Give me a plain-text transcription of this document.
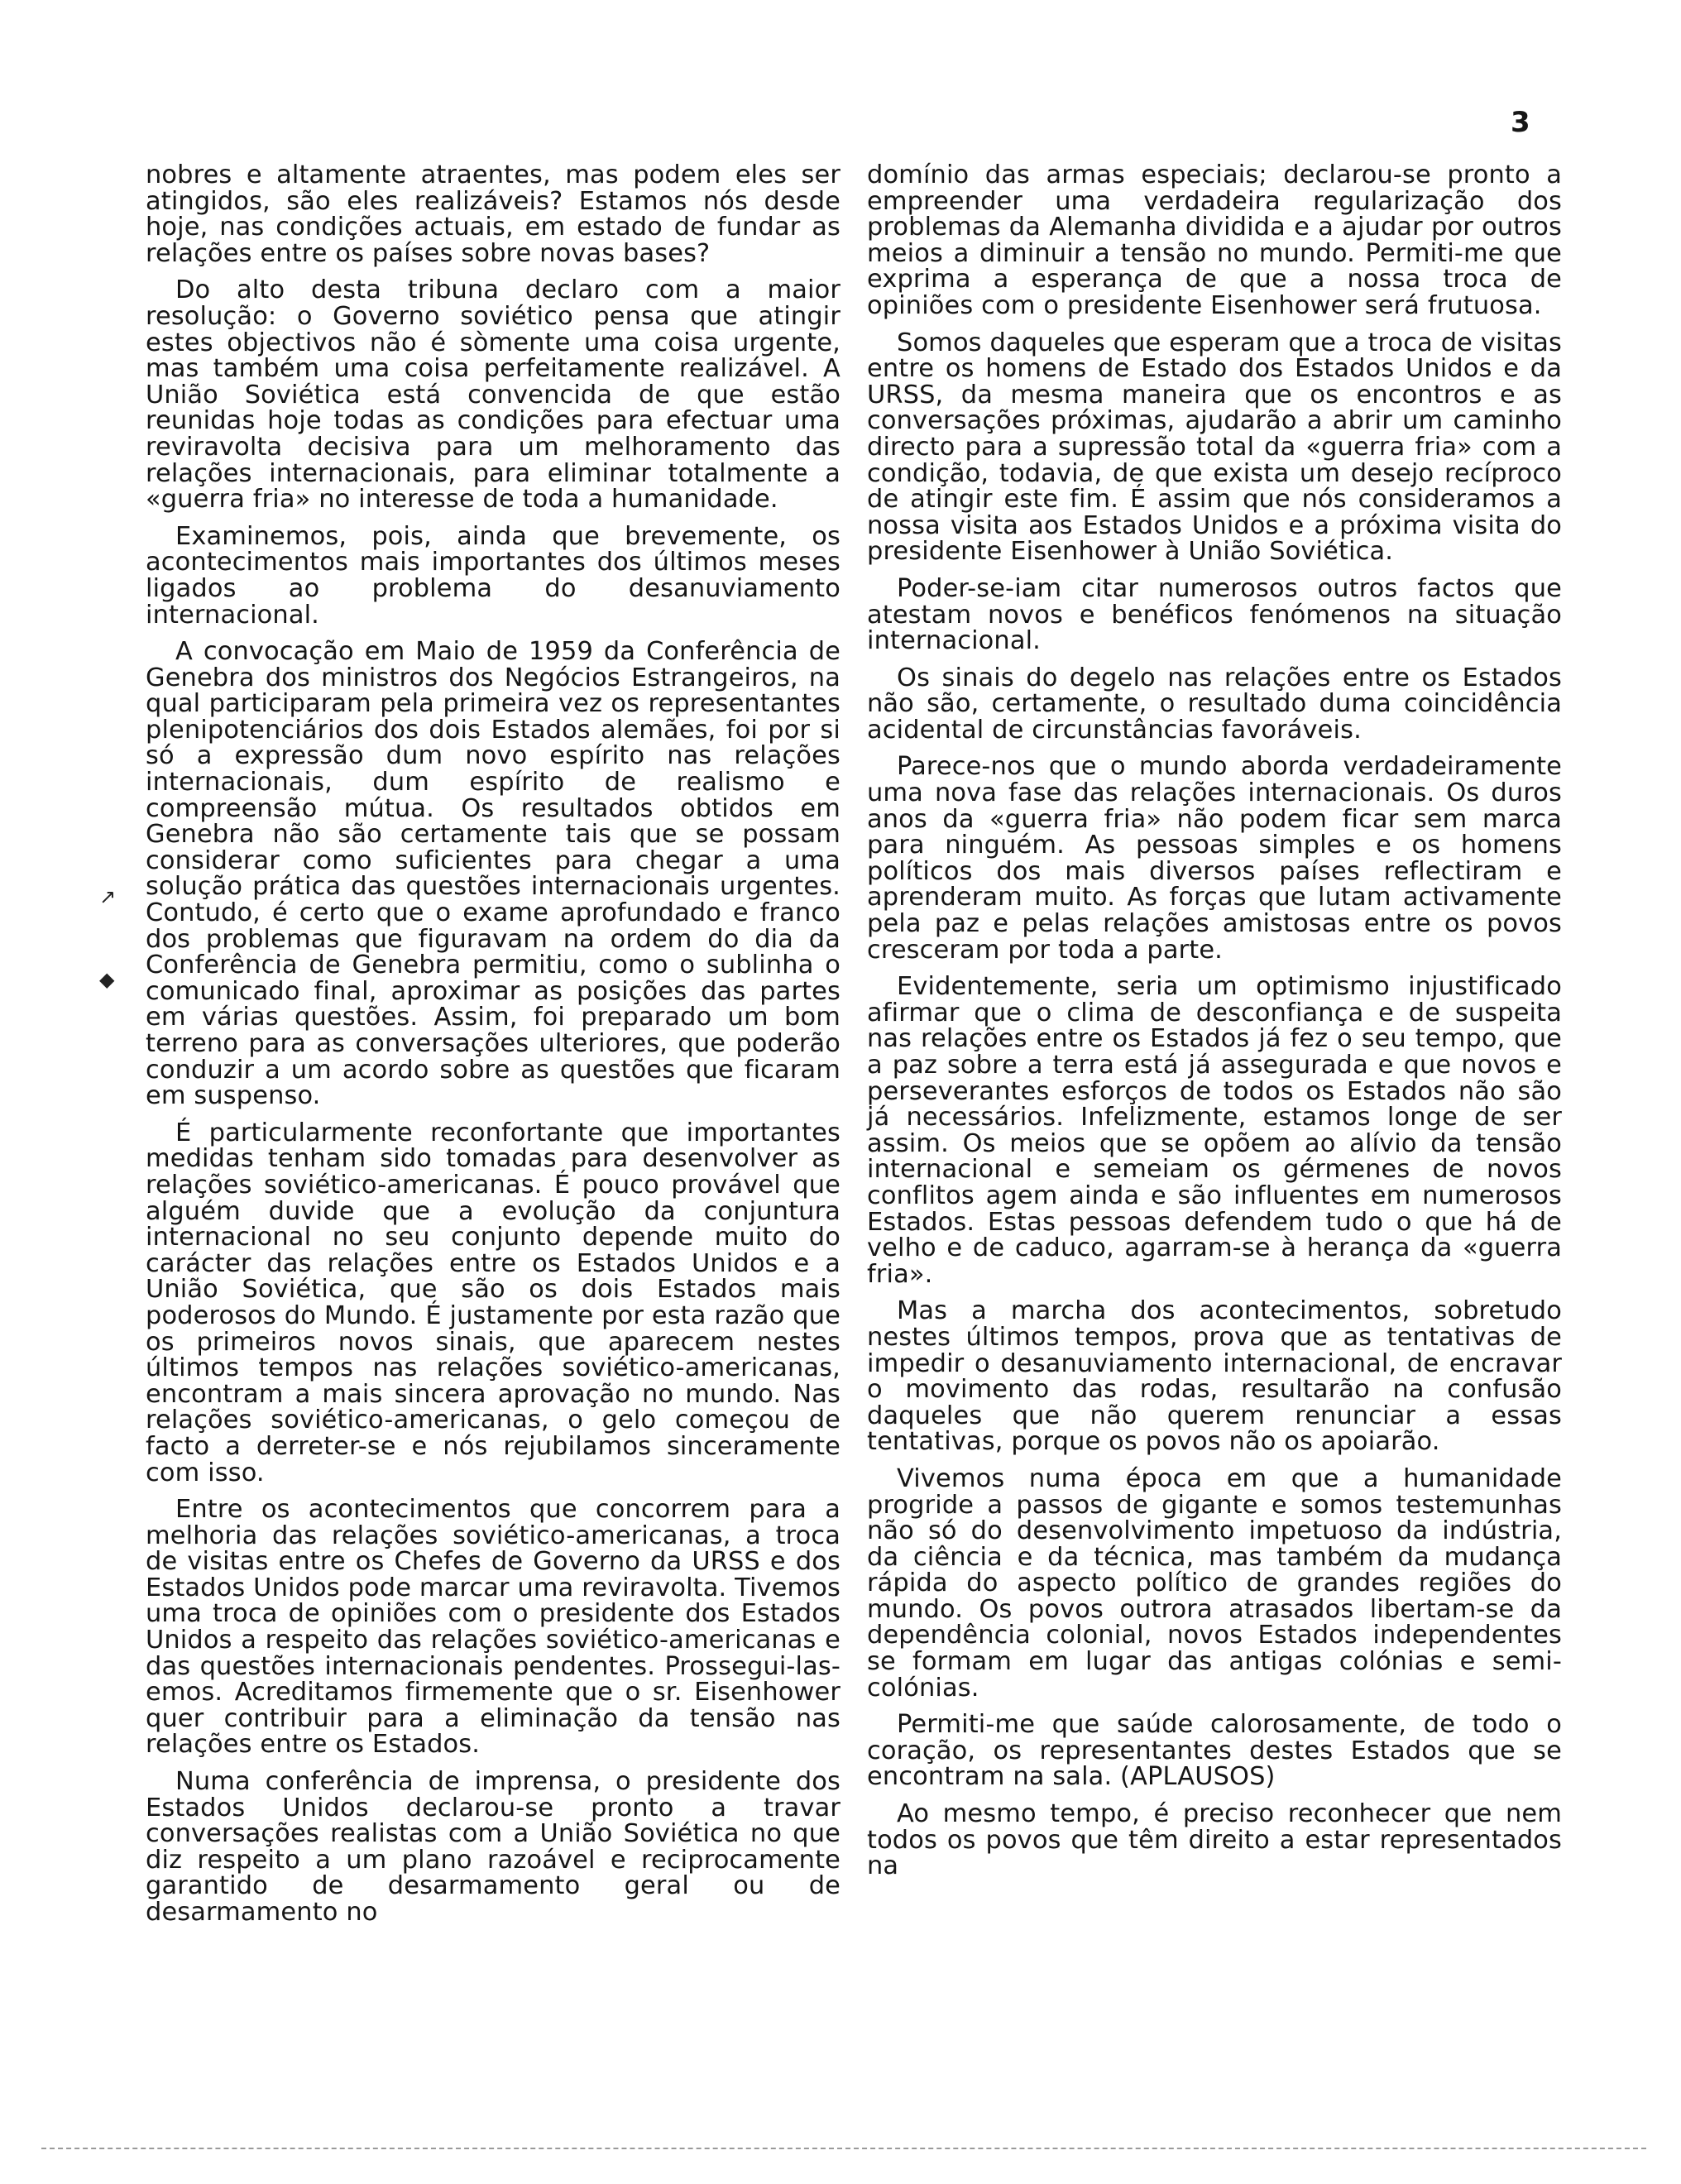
3
↗
◆

nobres e altamente atraentes, mas podem eles ser atingidos, são eles realizáveis? Estamos nós desde hoje, nas condições actuais, em estado de fundar as relações entre os países sobre novas bases?

Do alto desta tribuna declaro com a maior resolução: o Governo soviético pensa que atingir estes objectivos não é sòmente uma coisa urgente, mas também uma coisa perfeitamente realizável. A União Soviética está convencida de que estão reunidas hoje todas as condições para efectuar uma reviravolta decisiva para um melhoramento das relações internacionais, para eliminar totalmente a «guerra fria» no interesse de toda a humanidade.

Examinemos, pois, ainda que brevemente, os acontecimentos mais importantes dos últimos meses ligados ao problema do desanuviamento internacional.

A convocação em Maio de 1959 da Conferência de Genebra dos ministros dos Negócios Estrangeiros, na qual participaram pela primeira vez os representantes plenipotenciários dos dois Estados alemães, foi por si só a expressão dum novo espírito nas relações internacionais, dum espírito de realismo e compreensão mútua. Os resultados obtidos em Genebra não são certamente tais que se possam considerar como suficientes para chegar a uma solução prática das questões internacionais urgentes. Contudo, é certo que o exame aprofundado e franco dos problemas que figuravam na ordem do dia da Conferência de Genebra permitiu, como o sublinha o comunicado final, aproximar as posições das partes em várias questões. Assim, foi preparado um bom terreno para as conversações ulteriores, que poderão conduzir a um acordo sobre as questões que ficaram em suspenso.

É particularmente reconfortante que importantes medidas tenham sido tomadas para desenvolver as relações soviético-americanas. É pouco provável que alguém duvide que a evolução da conjuntura internacional no seu conjunto depende muito do carácter das relações entre os Estados Unidos e a União Soviética, que são os dois Estados mais poderosos do Mundo. É justamente por esta razão que os primeiros novos sinais, que aparecem nestes últimos tempos nas relações soviético-americanas, encontram a mais sincera aprovação no mundo. Nas relações soviético-americanas, o gelo começou de facto a derreter-se e nós rejubilamos sinceramente com isso.

Entre os acontecimentos que concorrem para a melhoria das relações soviético-americanas, a troca de visitas entre os Chefes de Governo da URSS e dos Estados Unidos pode marcar uma reviravolta. Tivemos uma troca de opiniões com o presidente dos Estados Unidos a respeito das relações soviético-americanas e das questões internacionais pendentes. Prossegui-las-emos. Acreditamos firmemente que o sr. Eisenhower quer contribuir para a eliminação da tensão nas relações entre os Estados.

Numa conferência de imprensa, o presidente dos Estados Unidos declarou-se pronto a travar conversações realistas com a União Soviética no que diz respeito a um plano razoável e reciprocamente garantido de desarmamento geral ou de desarmamento no

domínio das armas especiais; declarou-se pronto a empreender uma verdadeira regularização dos problemas da Alemanha dividida e a ajudar por outros meios a diminuir a tensão no mundo. Permiti-me que exprima a esperança de que a nossa troca de opiniões com o presidente Eisenhower será frutuosa.

Somos daqueles que esperam que a troca de visitas entre os homens de Estado dos Estados Unidos e da URSS, da mesma maneira que os encontros e as conversações próximas, ajudarão a abrir um caminho directo para a supressão total da «guerra fria» com a condição, todavia, de que exista um desejo recíproco de atingir este fim. É assim que nós consideramos a nossa visita aos Estados Unidos e a próxima visita do presidente Eisenhower à União Soviética.

Poder-se-iam citar numerosos outros factos que atestam novos e benéficos fenómenos na situação internacional.

Os sinais do degelo nas relações entre os Estados não são, certamente, o resultado duma coincidência acidental de circunstâncias favoráveis.

Parece-nos que o mundo aborda verdadeiramente uma nova fase das relações internacionais. Os duros anos da «guerra fria» não podem ficar sem marca para ninguém. As pessoas simples e os homens políticos dos mais diversos países reflectiram e aprenderam muito. As forças que lutam activamente pela paz e pelas relações amistosas entre os povos cresceram por toda a parte.

Evidentemente, seria um optimismo injustificado afirmar que o clima de desconfiança e de suspeita nas relações entre os Estados já fez o seu tempo, que a paz sobre a terra está já assegurada e que novos e perseverantes esforços de todos os Estados não são já necessários. Infelizmente, estamos longe de ser assim. Os meios que se opõem ao alívio da tensão internacional e semeiam os gérmenes de novos conflitos agem ainda e são influentes em numerosos Estados. Estas pessoas defendem tudo o que há de velho e de caduco, agarram-se à herança da «guerra fria».

Mas a marcha dos acontecimentos, sobretudo nestes últimos tempos, prova que as tentativas de impedir o desanuviamento internacional, de encravar o movimento das rodas, resultarão na confusão daqueles que não querem renunciar a essas tentativas, porque os povos não os apoiarão.

Vivemos numa época em que a humanidade progride a passos de gigante e somos testemunhas não só do desenvolvimento impetuoso da indústria, da ciência e da técnica, mas também da mudança rápida do aspecto político de grandes regiões do mundo. Os povos outrora atrasados libertam-se da dependência colonial, novos Estados independentes se formam em lugar das antigas colónias e semi-colónias.

Permiti-me que saúde calorosamente, de todo o coração, os representantes destes Estados que se encontram na sala. (APLAUSOS)

Ao mesmo tempo, é preciso reconhecer que nem todos os povos que têm direito a estar representados na
